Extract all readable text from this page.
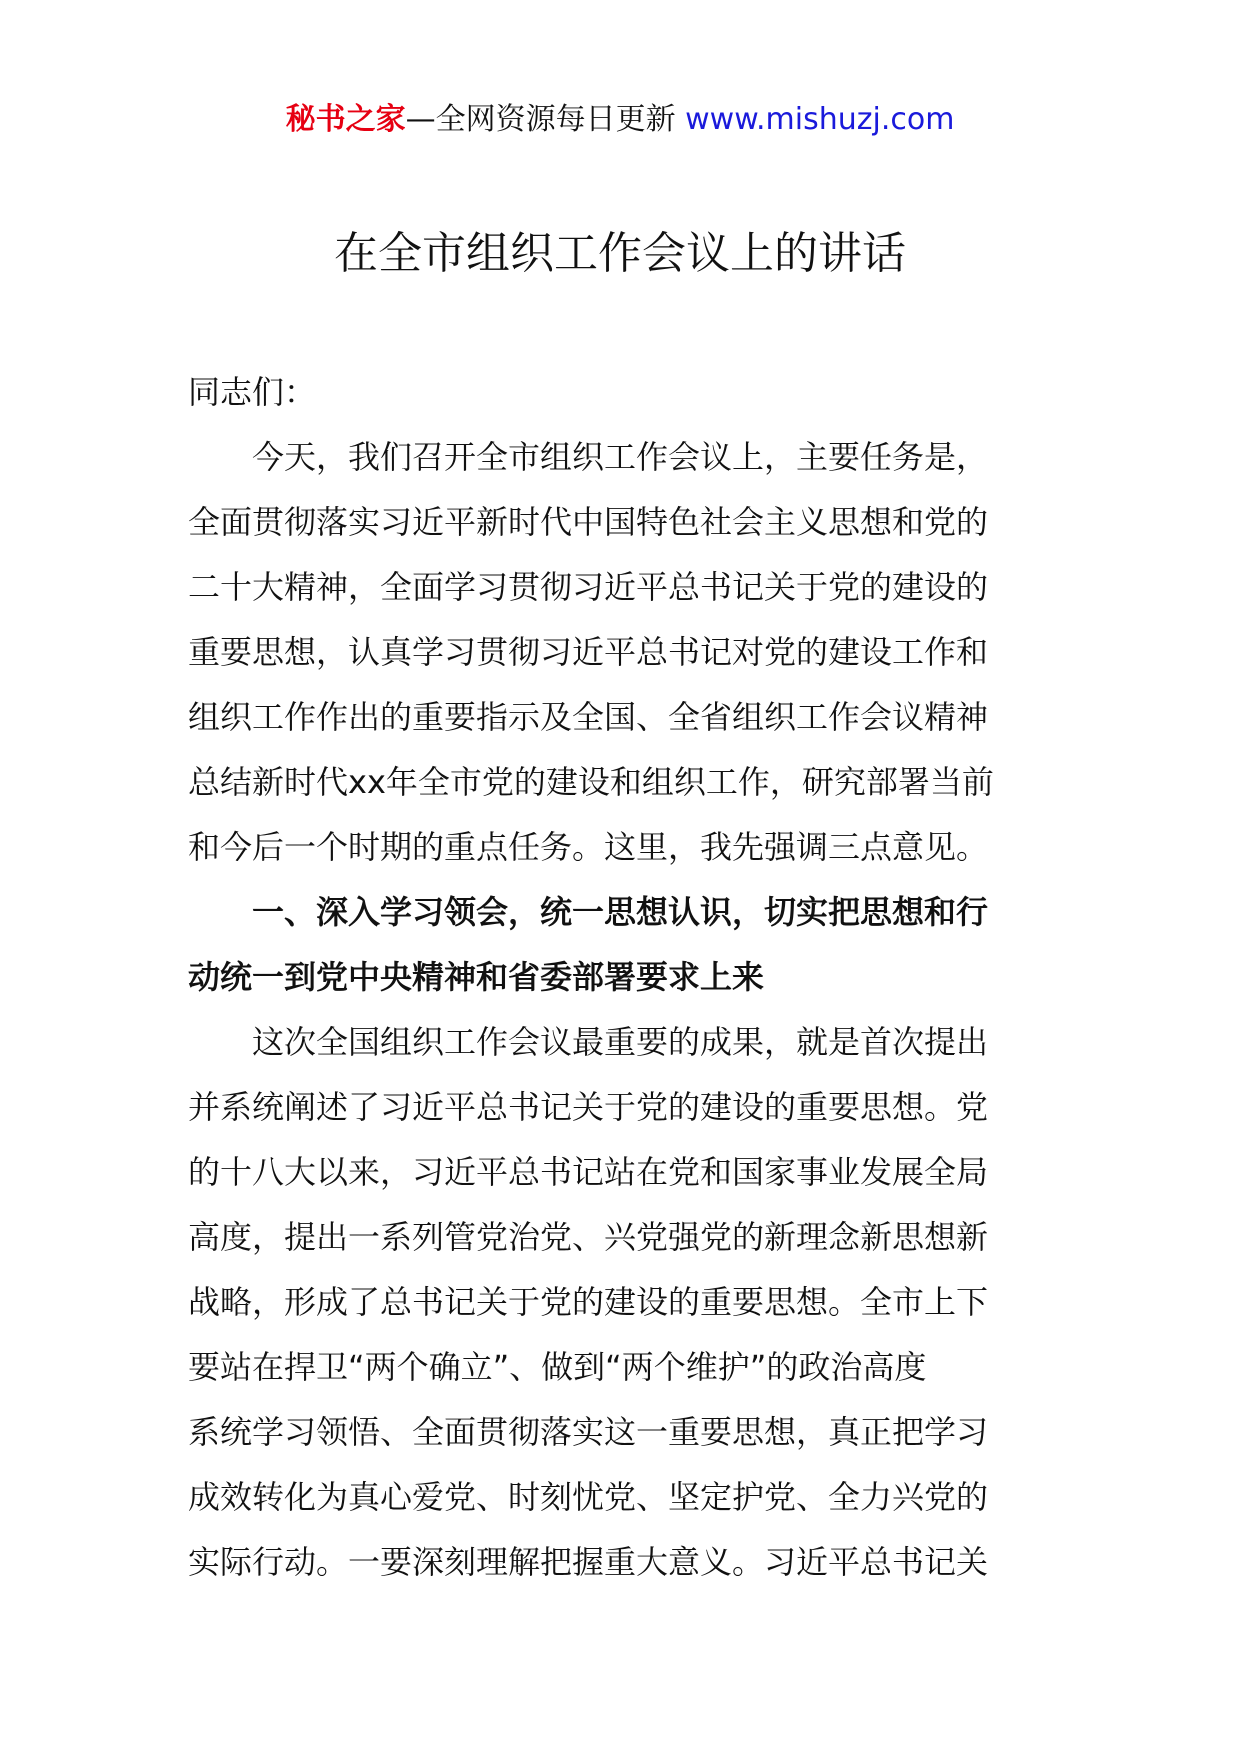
秘书之家—全网资源每日更新 www.mishuzj.com
在全市组织工作会议上的讲话
同志们：
今天，我们召开全市组织工作会议上，主要任务是，
全面贯彻落实习近平新时代中国特色社会主义思想和党的
二十大精神，全面学习贯彻习近平总书记关于党的建设的
重要思想，认真学习贯彻习近平总书记对党的建设工作和
组织工作作出的重要指示及全国、全省组织工作会议精神
总结新时代xx年全市党的建设和组织工作，研究部署当前
和今后一个时期的重点任务。这里，我先强调三点意见。
一、深入学习领会，统一思想认识，切实把思想和行
动统一到党中央精神和省委部署要求上来
这次全国组织工作会议最重要的成果，就是首次提出
并系统阐述了习近平总书记关于党的建设的重要思想。党
的十八大以来，习近平总书记站在党和国家事业发展全局
高度，提出一系列管党治党、兴党强党的新理念新思想新
战略，形成了总书记关于党的建设的重要思想。全市上下
要站在捍卫“两个确立”、做到“两个维护”的政治高度
系统学习领悟、全面贯彻落实这一重要思想，真正把学习
成效转化为真心爱党、时刻忧党、坚定护党、全力兴党的
实际行动。一要深刻理解把握重大意义。习近平总书记关
